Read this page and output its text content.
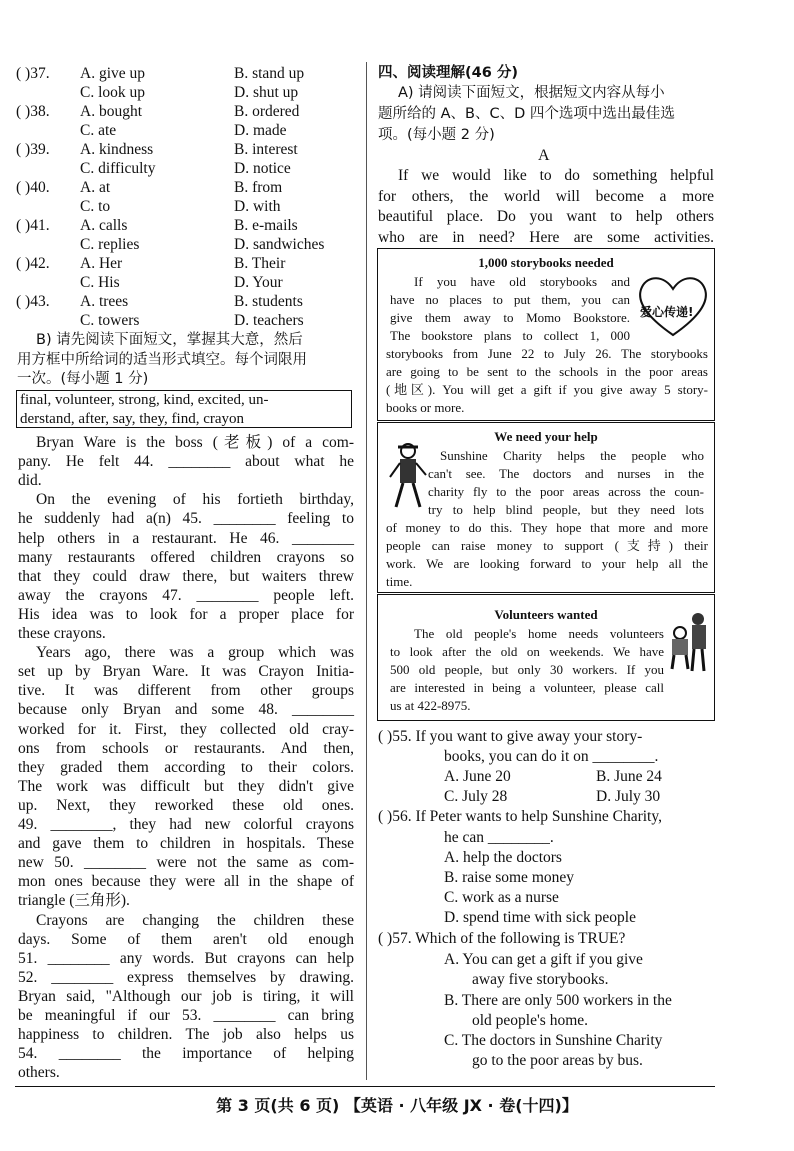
( )37. A. give up	B. stand up
C. look up	D. shut up
( )38. A. bought	B. ordered
C. ate	D. made
( )39. A. kindness	B. interest
C. difficulty	D. notice
( )40. A. at	B. from
C. to	D. with
( )41. A. calls	B. e-mails
C. replies	D. sandwiches
( )42. A. Her	B. Their
C. His	D. Your
( )43. A. trees	B. students
C. towers	D. teachers
B) 请先阅读下面短文，掌握其大意，然后
用方框中所给词的适当形式填空。每个词限用
一次。(每小题 1 分)
final, volunteer, strong, kind, excited, un-
derstand, after, say, they, find, crayon
Bryan Ware is the boss (老板) of a com-
pany. He felt 44. ________ about what he
did.
On the evening of his fortieth birthday,
he suddenly had a(n) 45. ________ feeling to
help others in a restaurant. He 46. ________
many restaurants offered children crayons so
that they could draw there, but waiters threw
away the crayons 47. ________ people left.
His idea was to look for a proper place for
these crayons.
Years ago, there was a group which was
set up by Bryan Ware. It was Crayon Initia-
tive. It was different from other groups
because only Bryan and some 48. ________
worked for it. First, they collected old cray-
ons from schools or restaurants. And then,
they graded them according to their colors.
The work was difficult but they didn't give
up. Next, they reworked these old ones.
49. ________, they had new colorful crayons
and gave them to children in hospitals. These
new 50. ________ were not the same as com-
mon ones because they were all in the shape of
triangle (三角形).
Crayons are changing the children these
days. Some of them aren't old enough
51. ________ any words. But crayons can help
52. ________ express themselves by drawing.
Bryan said, "Although our job is tiring, it will
be meaningful if our 53. ________ can bring
happiness to children. The job also helps us
54. ________ the importance of helping
others.
四、阅读理解(46 分)
A) 请阅读下面短文，根据短文内容从每小
题所给的 A、B、C、D 四个选项中选出最佳选
项。(每小题 2 分)
A
If we would like to do something helpful
for others, the world will become a more
beautiful place. Do you want to help others
who are in need? Here are some activities.
1,000 storybooks needed
爱心传递!
If you have old storybooks and
have no places to put them, you can
give them away to Momo Bookstore.
The bookstore plans to collect 1, 000
storybooks from June 22 to July 26. The storybooks
are going to be sent to the schools in the poor areas
(地区). You will get a gift if you give away 5 story-
books or more.
We need your help
Sunshine Charity helps the people who
can't see. The doctors and nurses in the
charity fly to the poor areas across the coun-
try to help blind people, but they need lots
of money to do this. They hope that more and more
people can raise money to support (支持) their
work. We are looking forward to your help all the
time.
Volunteers wanted
The old people's home needs volunteers
to look after the old on weekends. We have
500 old people, but only 30 workers. If you
are interested in being a volunteer, please call
us at 422-8975.
( )55. If you want to give away your story-
books, you can do it on ________.
A. June 20	B. June 24
C. July 28	D. July 30
( )56. If Peter wants to help Sunshine Charity,
he can ________.
A. help the doctors
B. raise some money
C. work as a nurse
D. spend time with sick people
( )57. Which of the following is TRUE?
A. You can get a gift if you give
away five storybooks.
B. There are only 500 workers in the
old people's home.
C. The doctors in Sunshine Charity
go to the poor areas by bus.
第 3 页(共 6 页) 【英语 · 八年级 JX · 卷(十四)】
